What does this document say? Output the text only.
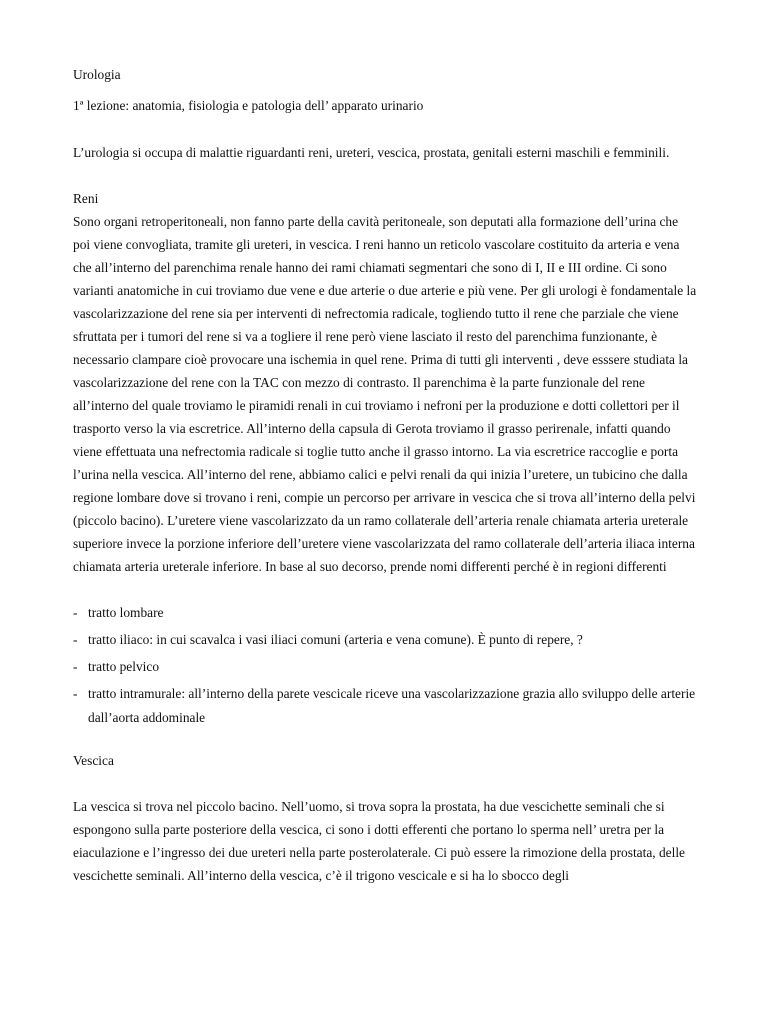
Urologia

1ª lezione: anatomia, fisiologia e patologia dell’ apparato urinario

L’urologia si occupa di malattie riguardanti reni, ureteri, vescica, prostata, genitali esterni maschili e femminili.

Reni

Sono organi retroperitoneali, non fanno parte della cavità peritoneale, son deputati alla formazione dell’urina che poi viene convogliata, tramite gli ureteri, in vescica. I reni hanno un reticolo vascolare costituito da arteria e vena che all’interno del parenchima renale hanno dei rami chiamati segmentari che sono di I, II e III ordine. Ci sono varianti anatomiche in cui troviamo due vene e due arterie o due arterie e più vene. Per gli urologi è fondamentale la vascolarizzazione del rene sia per interventi di nefrectomia radicale, togliendo tutto il rene che parziale che viene sfruttata per i tumori del rene si va a togliere il rene però viene lasciato il resto del parenchima funzionante, è necessario clampare cioè provocare una ischemia in quel rene. Prima di tutti gli interventi , deve esssere studiata la vascolarizzazione del rene con la TAC con mezzo di contrasto. Il parenchima è la parte funzionale del rene all’interno del quale troviamo le piramidi renali in cui troviamo i nefroni per la produzione e dotti collettori per il trasporto verso la via escretrice. All’interno della capsula di Gerota troviamo il grasso perirenale, infatti quando viene effettuata una nefrectomia radicale si toglie tutto anche il grasso intorno. La via escretrice raccoglie e porta l’urina nella vescica. All’interno del rene, abbiamo calici e pelvi renali da qui inizia l’uretere, un tubicino che dalla regione lombare dove si trovano i reni, compie un percorso per arrivare in vescica che si trova all’interno della pelvi (piccolo bacino). L’uretere viene vascolarizzato da un ramo collaterale dell’arteria renale chiamata arteria ureterale superiore invece la porzione inferiore dell’uretere viene vascolarizzata del ramo collaterale dell’arteria iliaca interna chiamata arteria ureterale inferiore. In base al suo decorso, prende nomi differenti perché è in regioni differenti

- tratto lombare
- tratto iliaco: in cui scavalca i vasi iliaci comuni (arteria e vena comune). È punto di repere, ?
- tratto pelvico
- tratto intramurale: all’interno della parete vescicale riceve una vascolarizzazione grazia allo sviluppo delle arterie dall’aorta addominale

Vescica

La vescica si trova nel piccolo bacino. Nell’uomo, si trova sopra la prostata, ha due vescichette seminali che si espongono sulla parte posteriore della vescica, ci sono i dotti efferenti che portano lo sperma nell’ uretra per la eiaculazione e l’ingresso dei due ureteri nella parte posterolaterale. Ci può essere la rimozione della prostata, delle vescichette seminali. All’interno della vescica, c’è il trigono vescicale e si ha lo sbocco degli
